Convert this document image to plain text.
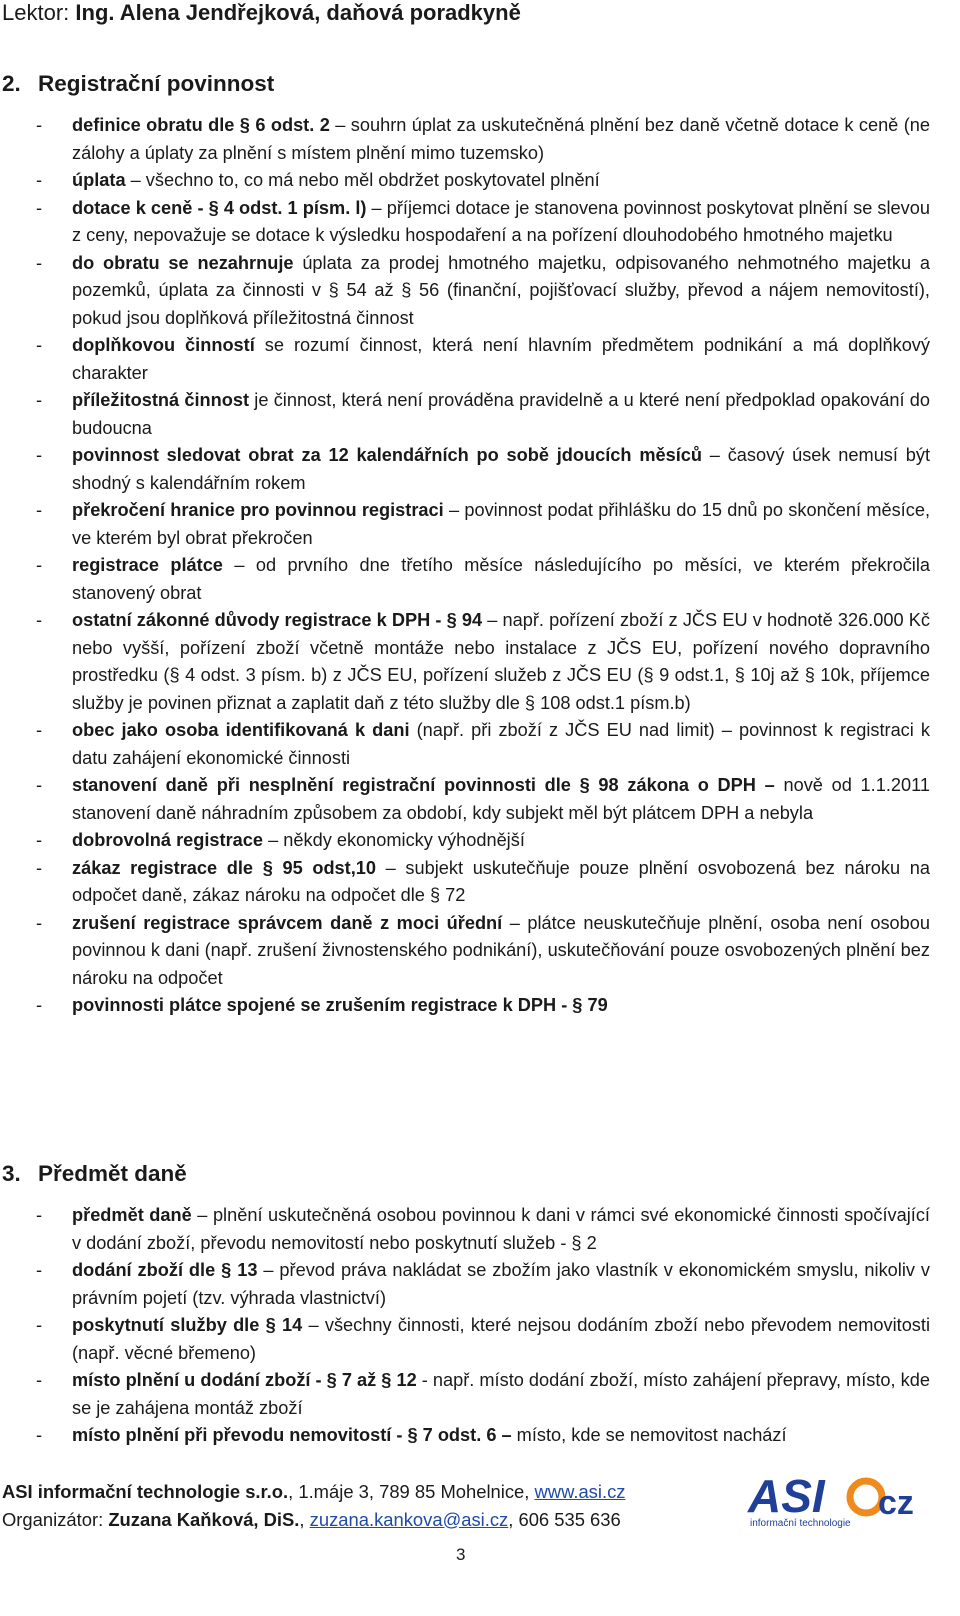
Lektor: Ing. Alena Jendřejková, daňová poradkyně
2. Registrační povinnost
- definice obratu dle § 6 odst. 2 – souhrn úplat za uskutečněná plnění bez daně včetně dotace k ceně (ne zálohy a úplaty za plnění s místem plnění mimo tuzemsko)
- úplata – všechno to, co má nebo měl obdržet poskytovatel plnění
- dotace k ceně - § 4 odst. 1 písm. l) – příjemci dotace je stanovena povinnost poskytovat plnění se slevou z ceny, nepovažuje se dotace k výsledku hospodaření a na pořízení dlouhodobého hmotného majetku
- do obratu se nezahrnuje úplata za prodej hmotného majetku, odpisovaného nehmotného majetku a pozemků, úplata za činnosti v § 54 až § 56 (finanční, pojišťovací služby, převod a nájem nemovitostí), pokud jsou doplňková příležitostná činnost
- doplňkovou činností se rozumí činnost, která není hlavním předmětem podnikání a má doplňkový charakter
- příležitostná činnost je činnost, která není prováděna pravidelně a u které není předpoklad opakování do budoucna
- povinnost sledovat obrat za 12 kalendářních po sobě jdoucích měsíců – časový úsek nemusí být shodný s kalendářním rokem
- překročení hranice pro povinnou registraci – povinnost podat přihlášku do 15 dnů po skončení měsíce, ve kterém byl obrat překročen
- registrace plátce – od prvního dne třetího měsíce následujícího po měsíci, ve kterém překročila stanovený obrat
- ostatní zákonné důvody registrace k DPH - § 94 – např. pořízení zboží z JČS EU v hodnotě 326.000 Kč nebo vyšší, pořízení zboží včetně montáže nebo instalace z JČS EU, pořízení nového dopravního prostředku (§ 4 odst. 3 písm. b) z JČS EU, pořízení služeb z JČS EU (§ 9 odst.1, § 10j až § 10k, příjemce služby je povinen přiznat a zaplatit daň z této služby dle § 108 odst.1 písm.b)
- obec jako osoba identifikovaná k dani (např. při zboží z JČS EU nad limit) – povinnost k registraci k datu zahájení ekonomické činnosti
- stanovení daně při nesplnění registrační povinnosti dle § 98 zákona o DPH – nově od 1.1.2011 stanovení daně náhradním způsobem za období, kdy subjekt měl být plátcem DPH a nebyla
- dobrovolná registrace – někdy ekonomicky výhodnější
- zákaz registrace dle § 95 odst,10 – subjekt uskutečňuje pouze plnění osvobozená bez nároku na odpočet daně, zákaz nároku na odpočet dle § 72
- zrušení registrace správcem daně z moci úřední – plátce neuskutečňuje plnění, osoba není osobou povinnou k dani (např. zrušení živnostenského podnikání), uskutečňování pouze osvobozených plnění bez nároku na odpočet
- povinnosti plátce spojené se zrušením registrace k DPH - § 79
3. Předmět daně
- předmět daně – plnění uskutečněná osobou povinnou k dani v rámci své ekonomické činnosti spočívající v dodání zboží, převodu nemovitostí nebo poskytnutí služeb - § 2
- dodání zboží dle § 13 – převod práva nakládat se zbožím jako vlastník v ekonomickém smyslu, nikoliv v právním pojetí (tzv. výhrada vlastnictví)
- poskytnutí služby dle § 14 – všechny činnosti, které nejsou dodáním zboží nebo převodem nemovitosti (např. věcné břemeno)
- místo plnění u dodání zboží - § 7 až § 12 - např. místo dodání zboží, místo zahájení přepravy, místo, kde se je zahájena montáž zboží
- místo plnění při převodu nemovitostí - § 7 odst. 6 – místo, kde se nemovitost nachází
ASI informační technologie s.r.o., 1.máje 3, 789 85 Mohelnice, www.asi.cz
Organizátor: Zuzana Kaňková, DiS., zuzana.kankova@asi.cz, 606 535 636	ASI cz
informační technologie
3
